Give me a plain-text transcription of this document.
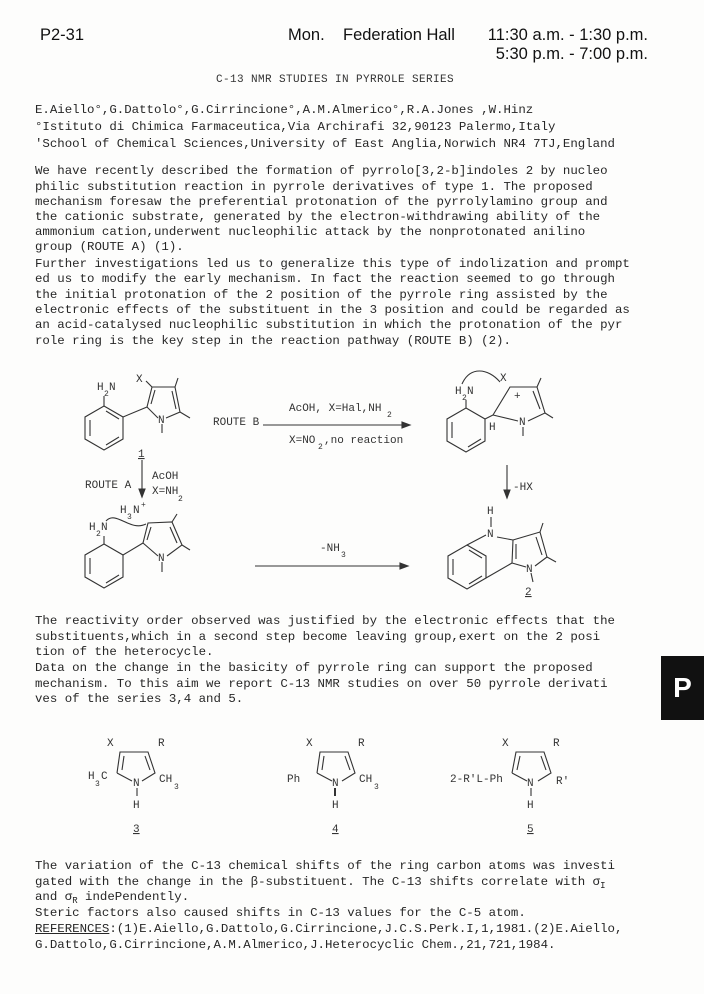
P2-31	Mon. Federation Hall 11:30 a.m. - 1:30 p.m.
5:30 p.m. - 7:00 p.m.
C-13 NMR STUDIES IN PYRROLE SERIES
E.Aiello°,G.Dattolo°,G.Cirrincione°,A.M.Almerico°,R.A.Jones ,W.Hinz
°Istituto di Chimica Farmaceutica,Via Archirafi 32,90123 Palermo,Italy
'School of Chemical Sciences,University of East Anglia,Norwich NR4 7TJ,England
We have recently described the formation of pyrrolo[3,2-b]indoles 2 by nucleo
philic substitution reaction in pyrrole derivatives of type 1. The proposed
mechanism foresaw the preferential protonation of the pyrrolylamino group and
the cationic substrate, generated by the electron-withdrawing ability of the
ammonium cation,underwent nucleophilic attack by the nonprotonated anilino
group (ROUTE A) (1).
Further investigations led us to generalize this type of indolization and prompt
ed us to modify the early mechanism. In fact the reaction seemed to go through
the initial protonation of the 2 position of the pyrrole ring assisted by the
electronic effects of the substituent in the 3 position and could be regarded as
an acid-catalysed nucleophilic substitution in which the protonation of the pyr
role ring is the key step in the reaction pathway (ROUTE B) (2).
H
2
N
X
N
1
ROUTE B
AcOH, X=Hal,NH
2
X=NO
2
,no reaction
H
2
N
X
+
H N
-HX
ROUTE A
AcOH
X=NH
2
H
3
N +
H
2
N
N
-NH
3
H
N
N
2
X	R
H
3
C	CH
3
N
H
3
X	R
Ph	CH
3
N
H
4
X	R
2-R'L-Ph	R'
N
H
5
The reactivity order observed was justified by the electronic effects that the
substituents,which in a second step become leaving group,exert on the 2 posi
tion of the heterocycle.
Data on the change in the basicity of pyrrole ring can support the proposed
mechanism. To this aim we report C-13 NMR studies on over 50 pyrrole derivati
ves of the series 3,4 and 5.
The variation of the C-13 chemical shifts of the ring carbon atoms was investi
gated with the change in the β-substituent. The C-13 shifts correlate with $\sigma_I$
and $\sigma_R$ indePendently.
Steric factors also caused shifts in C-13 values for the C-5 atom.
REFERENCES:(1)E.Aiello,G.Dattolo,G.Cirrincione,J.C.S.Perk.I,1,1981.(2)E.Aiello,
G.Dattolo,G.Cirrincione,A.M.Almerico,J.Heterocyclic Chem.,21,721,1984.
P
